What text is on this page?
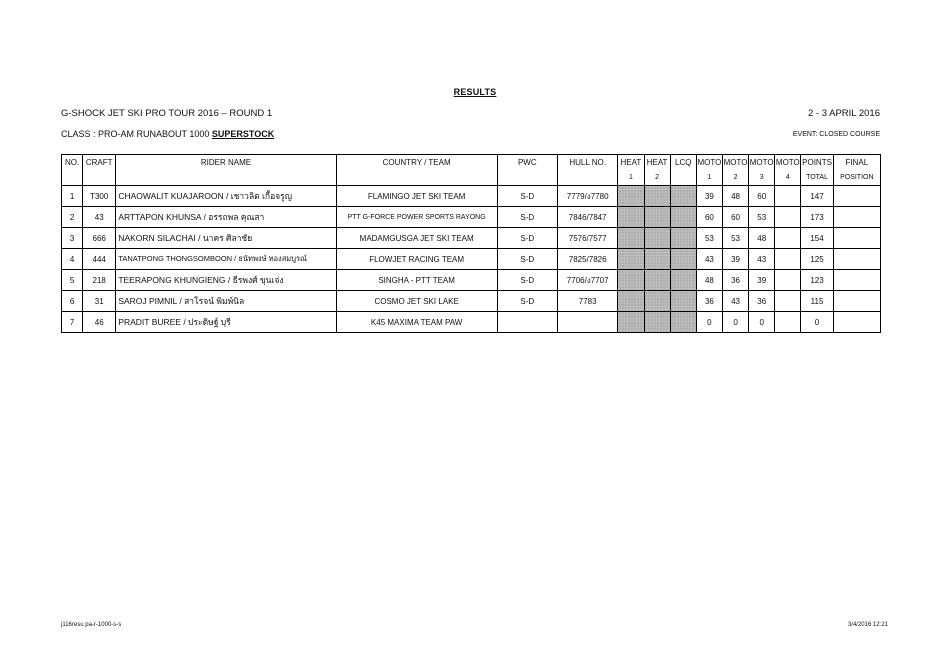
RESULTS
G-SHOCK JET SKI PRO TOUR 2016 – ROUND 1	2 - 3 APRIL 2016
CLASS : PRO-AM RUNABOUT 1000 SUPERSTOCK	EVENT: CLOSED COURSE
NO.	CRAFT	RIDER NAME	COUNTRY / TEAM	PWC	HULL NO.	HEAT	HEAT	LCQ	MOTO	MOTO	MOTO	MOTO	POINTS	FINAL
						1	2		1	2	3	4	TOTAL	POSITION
1	T300	CHAOWALIT KUAJAROON / เชาวลิต เกื้อจรูญ	FLAMINGO JET SKI TEAM	S-D	7779/ง7780				39	48	60		147	
2	43	ARTTAPON KHUNSA / อรรถพล คุณสา	PTT G-FORCE POWER SPORTS RAYONG	S-D	7846/7847				60	60	53		173	
3	666	NAKORN SILACHAI / นาคร ศิลาชัย	MADAMGUSGA JET SKI TEAM	S-D	7576/7577				53	53	48		154	
4	444	TANATPONG THONGSOMBOON / ธนัทพงษ์ ทองสมบูรณ์	FLOWJET RACING TEAM	S-D	7825/7826				43	39	43		125	
5	218	TEERAPONG KHUNGIENG / ธีรพงศ์ ขุนเจ่ง	SINGHA - PTT TEAM	S-D	7706/ง7707				48	36	39		123	
6	31	SAROJ PIMNIL / สาโรจน์ พิมพ์นิล	COSMO JET SKI LAKE	S-D	7783				36	43	36		115	
7	46	PRADIT BUREE / ประดิษฐ์ บุรี	K45 MAXIMA TEAM PAW						0	0	0		0	
j116resu pa-r-1000-s-s	3/4/2016 12:21
